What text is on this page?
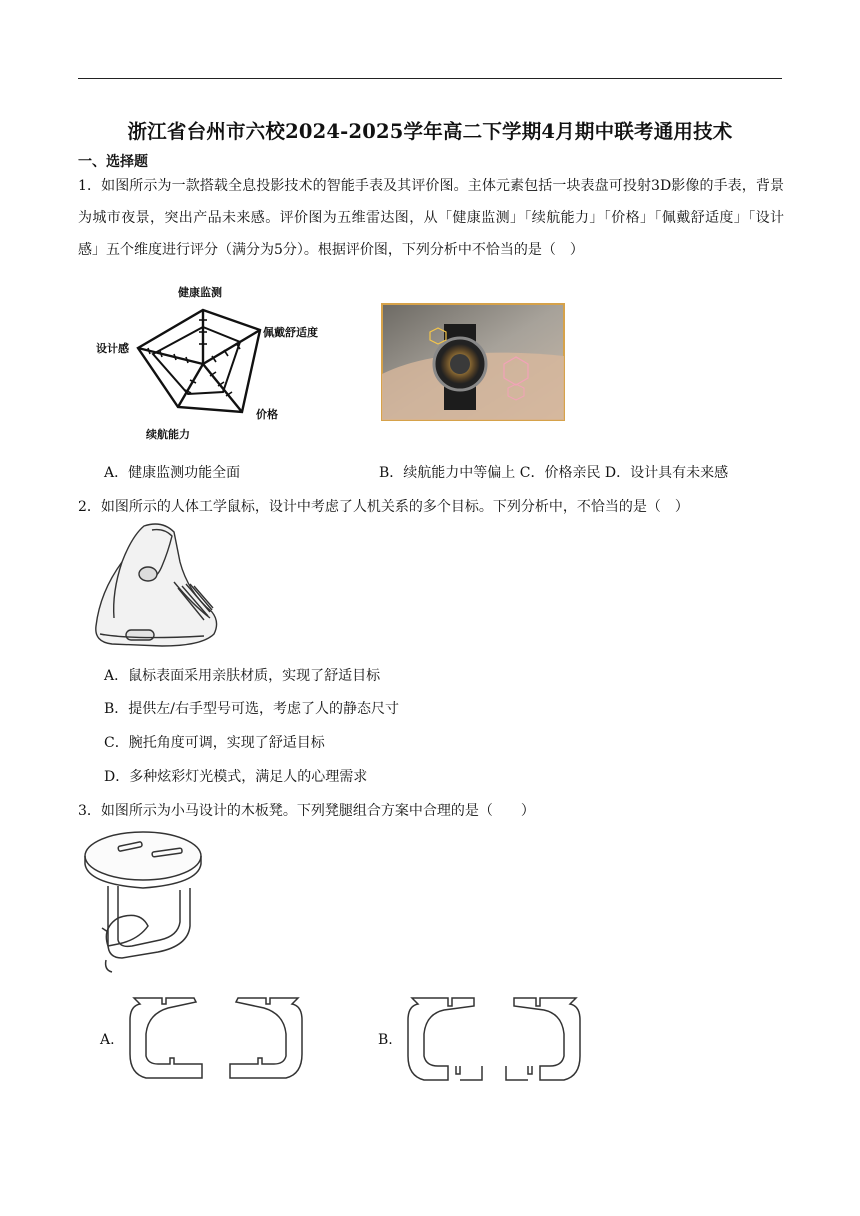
浙江省台州市六校2024-2025学年高二下学期4月期中联考通用技术
一、选择题
1．如图所示为一款搭载全息投影技术的智能手表及其评价图。主体元素包括一块表盘可投射3D影像的手表，背景为城市夜景，突出产品未来感。评价图为五维雷达图，从「健康监测」「续航能力」「价格」「佩戴舒适度」「设计感」五个维度进行评分（满分为5分）。根据评价图，下列分析中不恰当的是（　）
健康监测
佩戴舒适度
价格
续航能力
设计感
A．健康监测功能全面	B．续航能力中等偏上 C．价格亲民 D．设计具有未来感
2．如图所示的人体工学鼠标，设计中考虑了人机关系的多个目标。下列分析中，不恰当的是（　）
A．鼠标表面采用亲肤材质，实现了舒适目标
B．提供左/右手型号可选，考虑了人的静态尺寸
C．腕托角度可调，实现了舒适目标
D．多种炫彩灯光模式，满足人的心理需求
3．如图所示为小马设计的木板凳。下列凳腿组合方案中合理的是（　　）
A.	B.
